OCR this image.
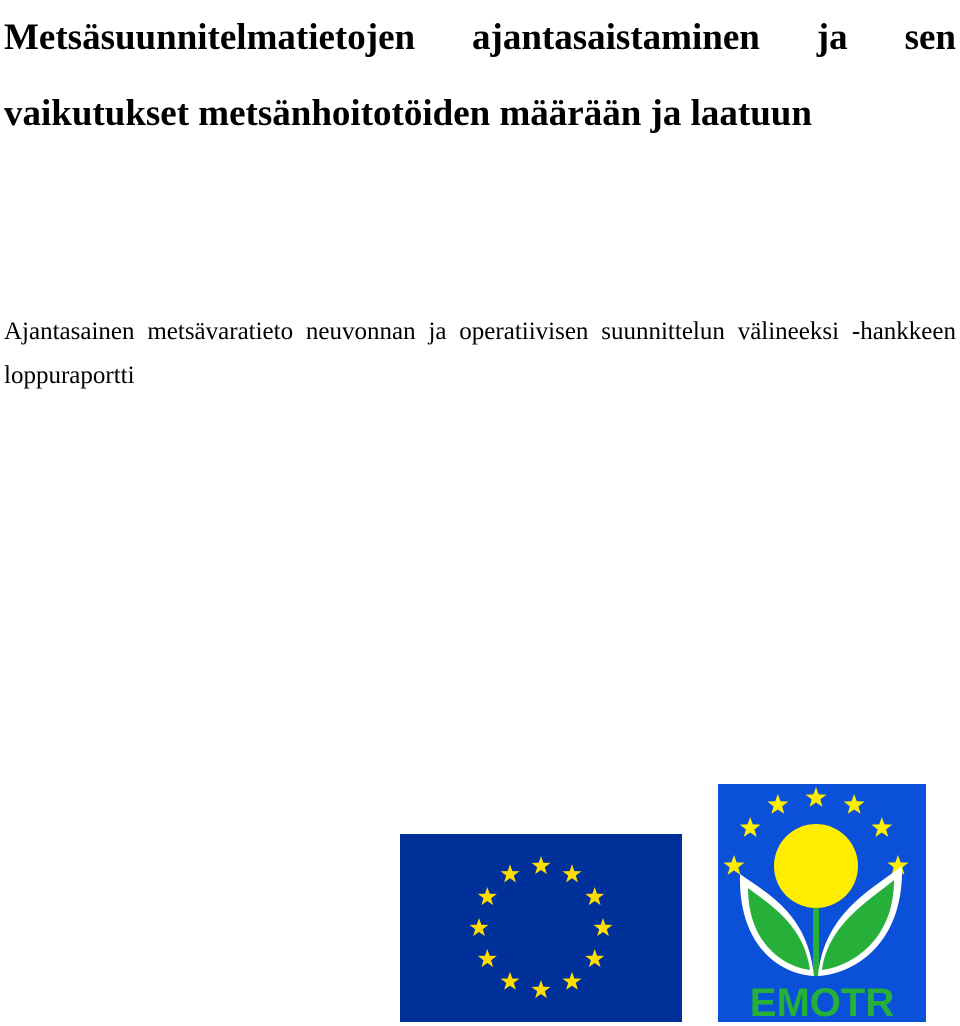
Metsäsuunnitelmatietojen ajantasaistaminen ja sen vaikutukset metsänhoitotöiden määrään ja laatuun

Ajantasainen metsävaratieto neuvonnan ja operatiivisen suunnittelun välineeksi -hankkeen loppuraportti

EMOTR
